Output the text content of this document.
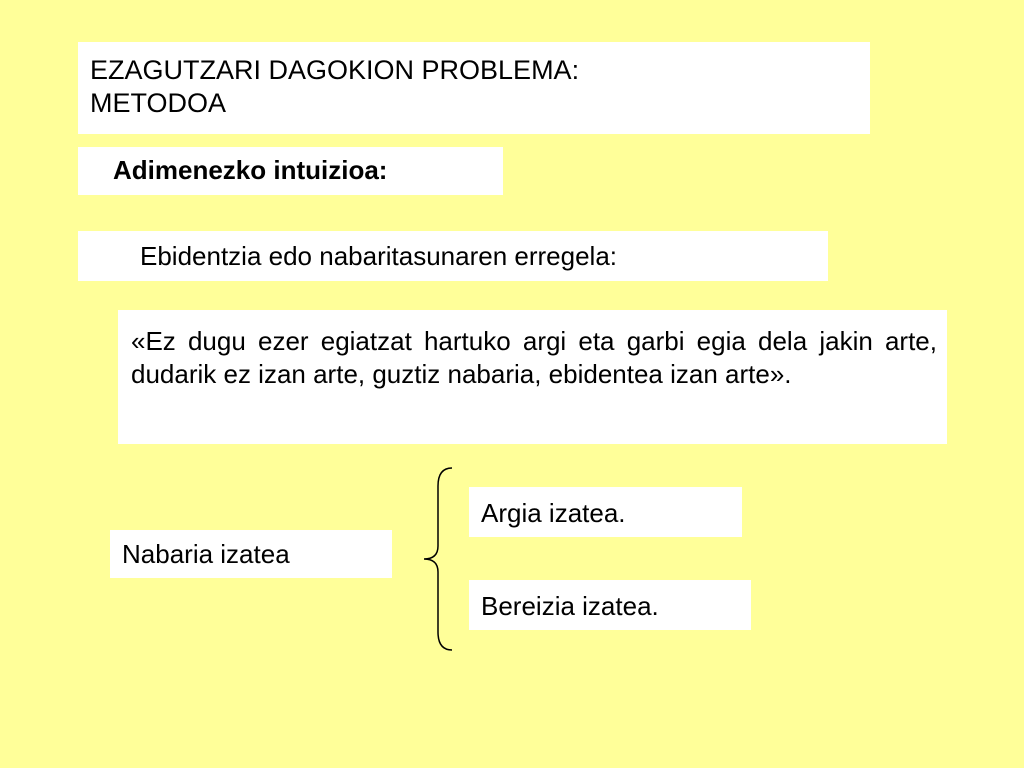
EZAGUTZARI DAGOKION PROBLEMA:
METODOA
Adimenezko intuizioa:
Ebidentzia edo nabaritasunaren erregela:
«Ez dugu ezer egiatzat hartuko argi eta garbi egia dela jakin arte, dudarik ez izan arte, guztiz nabaria, ebidentea izan arte».
Nabaria izatea
Argia izatea.
Bereizia izatea.
